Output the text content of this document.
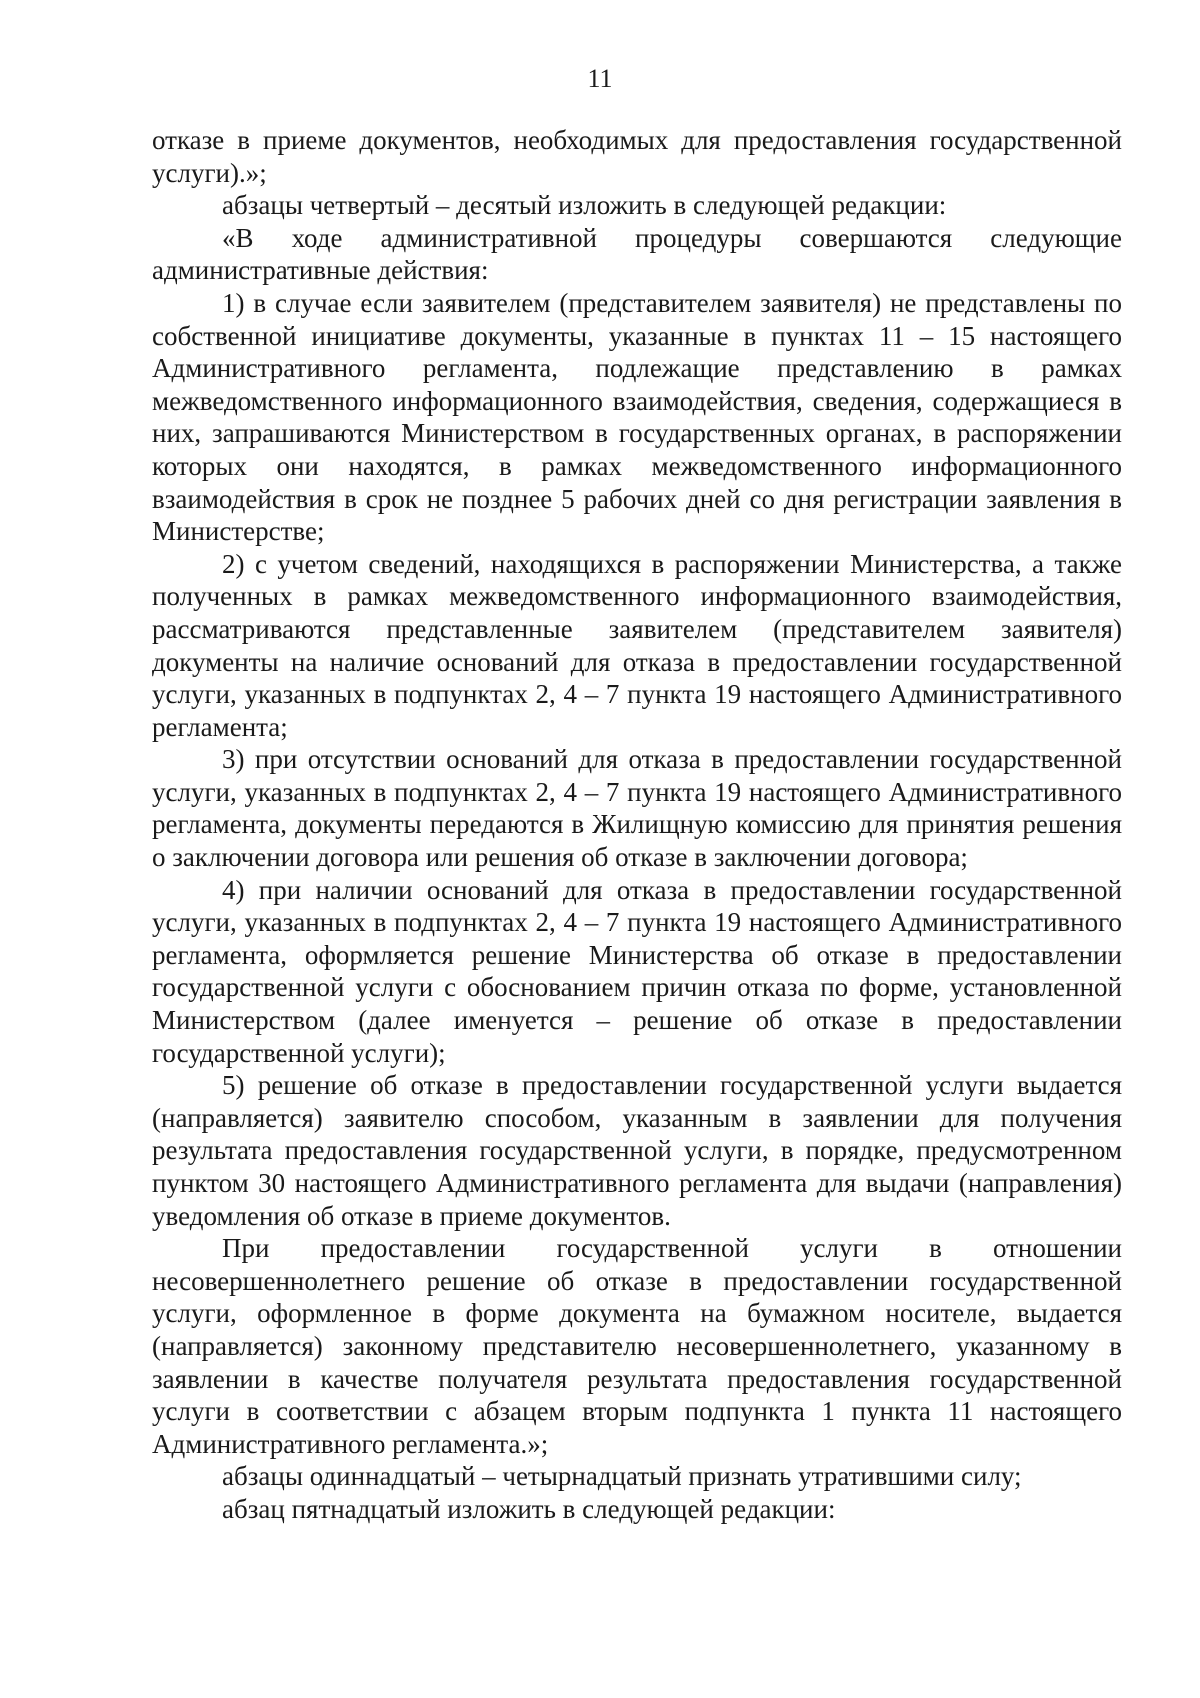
11

отказе в приеме документов, необходимых для предоставления государственной услуги).»;

абзацы четвертый – десятый изложить в следующей редакции:

«В ходе административной процедуры совершаются следующие административные действия:

1) в случае если заявителем (представителем заявителя) не представлены по собственной инициативе документы, указанные в пунктах 11 – 15 настоящего Административного регламента, подлежащие представлению в рамках межведомственного информационного взаимодействия, сведения, содержащиеся в них, запрашиваются Министерством в государственных органах, в распоряжении которых они находятся, в рамках межведомственного информационного взаимодействия в срок не позднее 5 рабочих дней со дня регистрации заявления в Министерстве;

2) с учетом сведений, находящихся в распоряжении Министерства, а также полученных в рамках межведомственного информационного взаимодействия, рассматриваются представленные заявителем (представителем заявителя) документы на наличие оснований для отказа в предоставлении государственной услуги, указанных в подпунктах 2, 4 – 7 пункта 19 настоящего Административного регламента;

3) при отсутствии оснований для отказа в предоставлении государственной услуги, указанных в подпунктах 2, 4 – 7 пункта 19 настоящего Административного регламента, документы передаются в Жилищную комиссию для принятия решения о заключении договора или решения об отказе в заключении договора;

4) при наличии оснований для отказа в предоставлении государственной услуги, указанных в подпунктах 2, 4 – 7 пункта 19 настоящего Административного регламента, оформляется решение Министерства об отказе в предоставлении государственной услуги с обоснованием причин отказа по форме, установленной Министерством (далее именуется – решение об отказе в предоставлении государственной услуги);

5) решение об отказе в предоставлении государственной услуги выдается (направляется) заявителю способом, указанным в заявлении для получения результата предоставления государственной услуги, в порядке, предусмотренном пунктом 30 настоящего Административного регламента для выдачи (направления) уведомления об отказе в приеме документов.

При предоставлении государственной услуги в отношении несовершеннолетнего решение об отказе в предоставлении государственной услуги, оформленное в форме документа на бумажном носителе, выдается (направляется) законному представителю несовершеннолетнего, указанному в заявлении в качестве получателя результата предоставления государственной услуги в соответствии с абзацем вторым подпункта 1 пункта 11 настоящего Административного регламента.»;

абзацы одиннадцатый – четырнадцатый признать утратившими силу;

абзац пятнадцатый изложить в следующей редакции:
